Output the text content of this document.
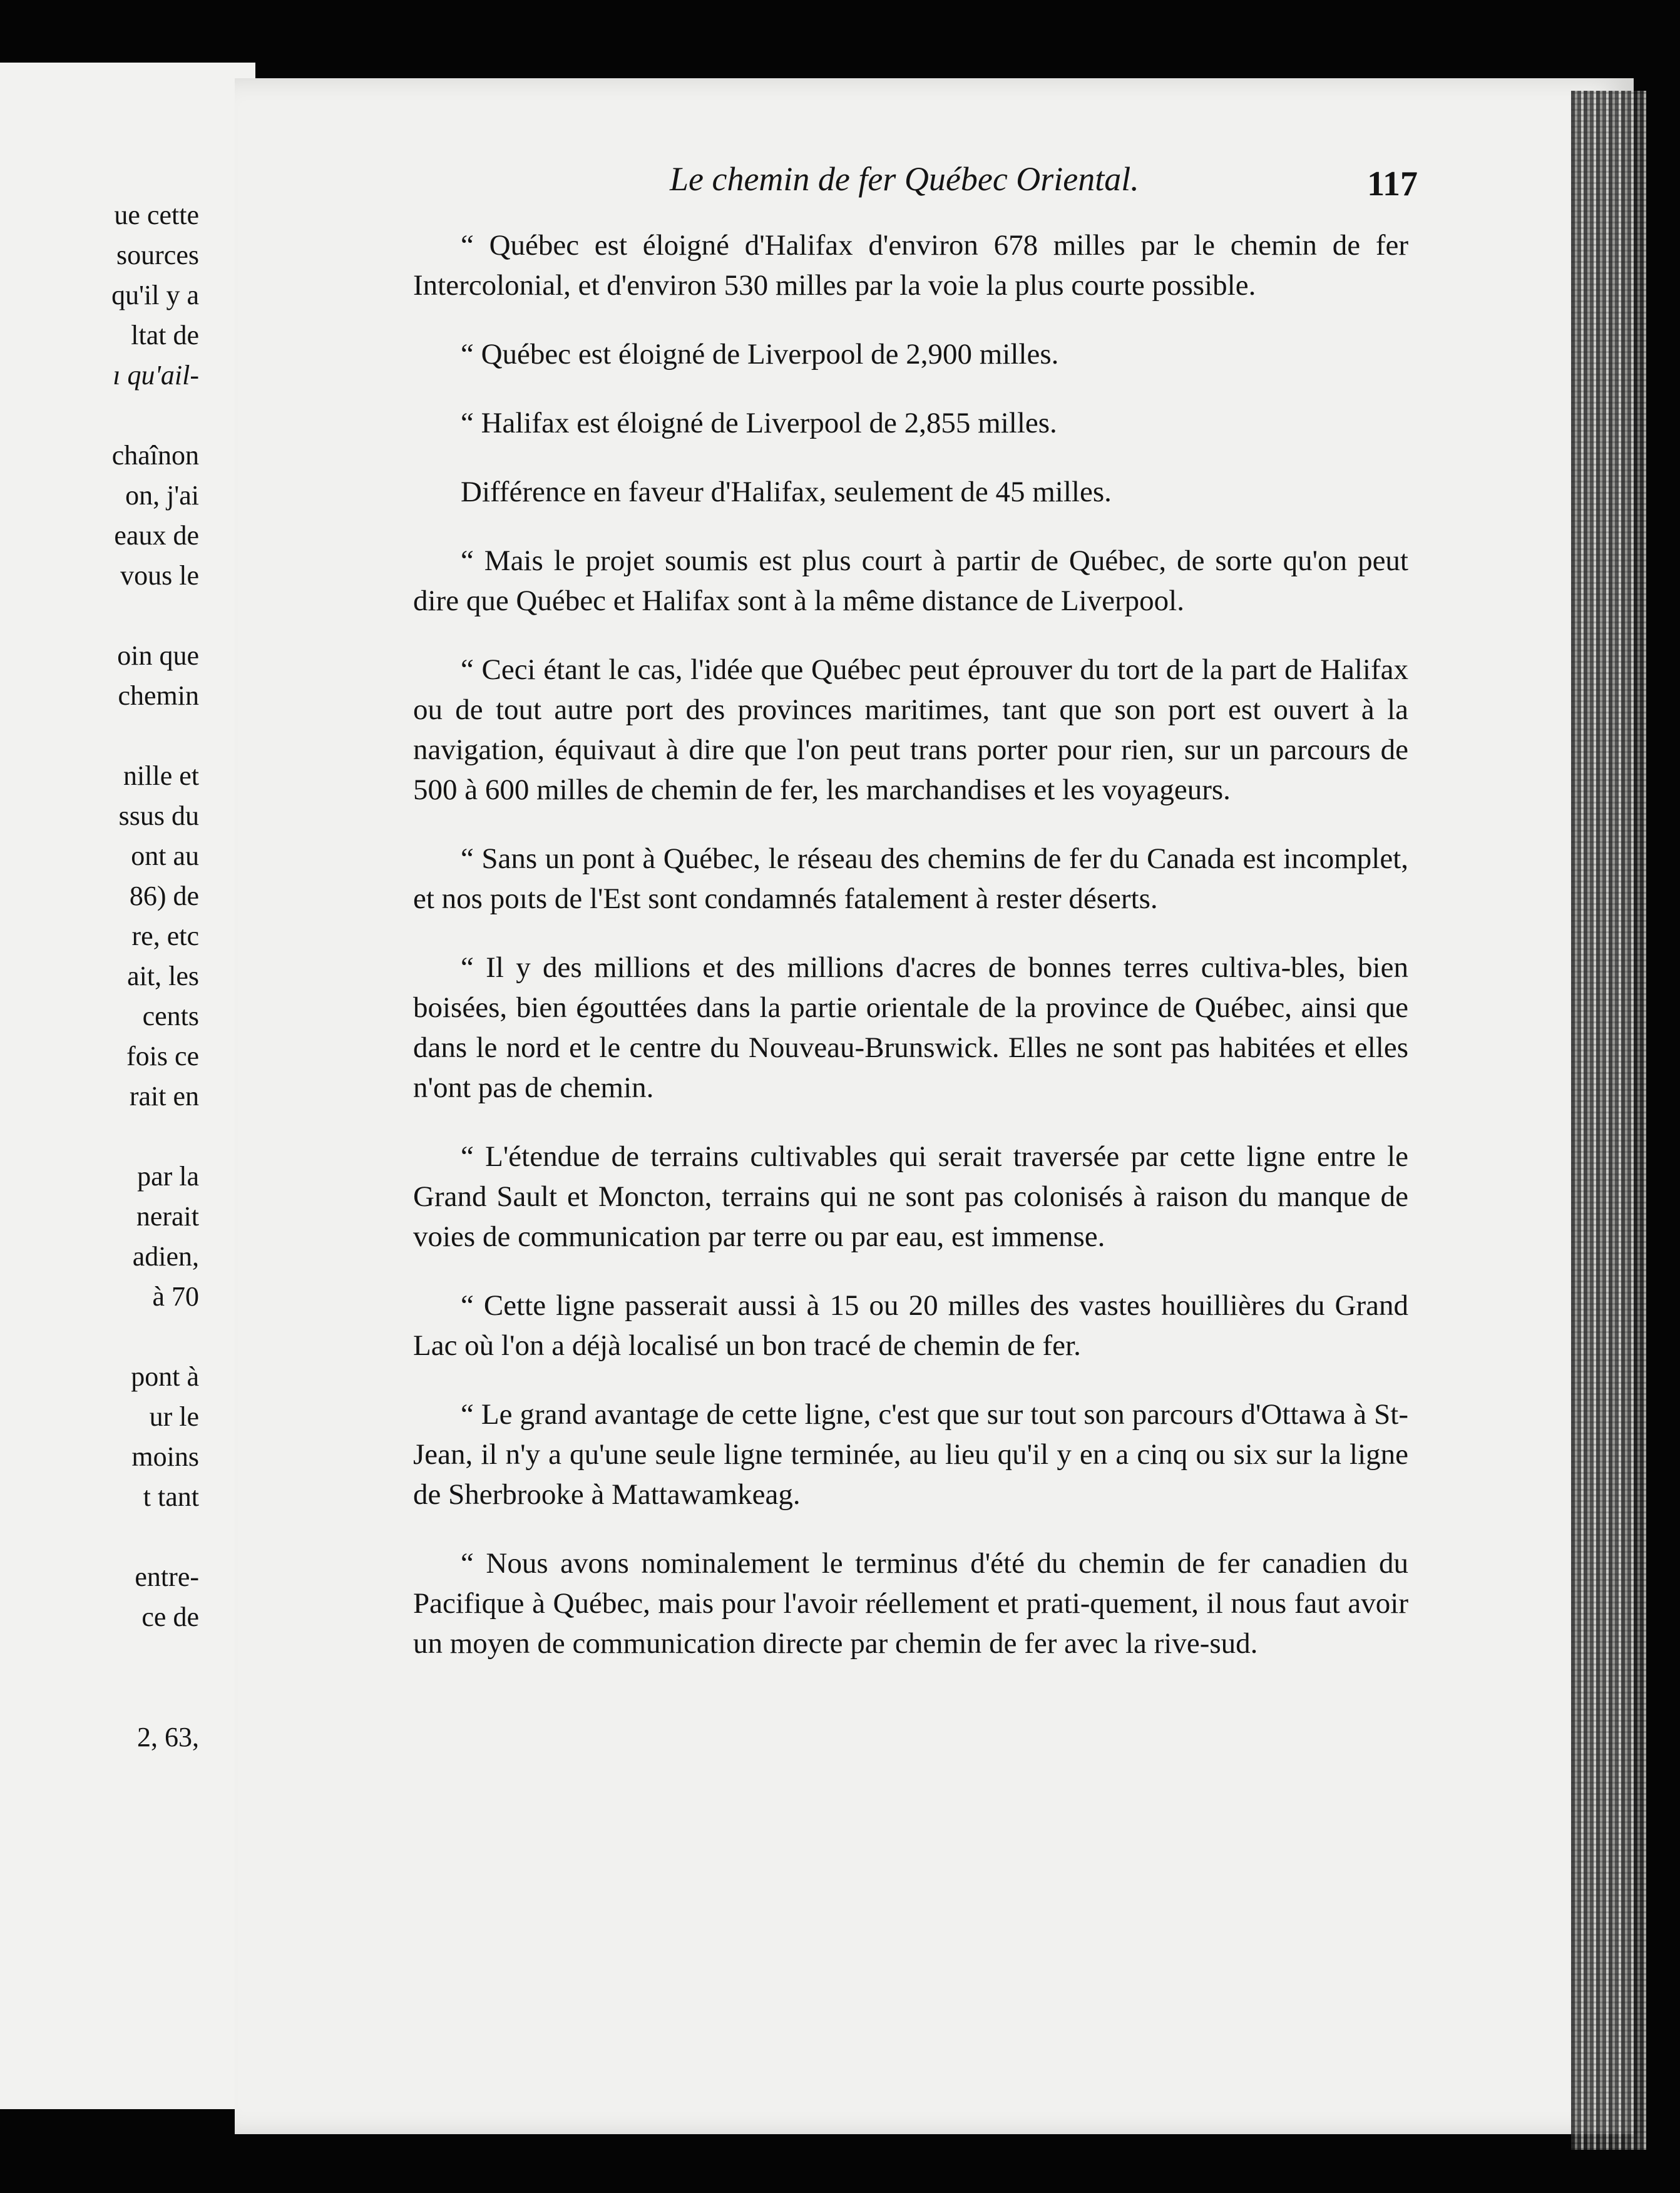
ue cette
sources
qu'il y a
ltat de
ı qu'ail-
chaînon
on, j'ai
eaux de
vous le
oin que
chemin
nille et
ssus du
ont au
86) de
re, etc
ait, les
cents
fois ce
rait en
par la
nerait
adien,
à 70
pont à
ur le
moins
t tant
entre-
ce de
2, 63,
Le chemin de fer Québec Oriental.	117

“ Québec est éloigné d'Halifax d'environ 678 milles par le chemin de fer Intercolonial, et d'environ 530 milles par la voie la plus courte possible.

“ Québec est éloigné de Liverpool de 2,900 milles.

“ Halifax est éloigné de Liverpool de 2,855 milles.

Différence en faveur d'Halifax, seulement de 45 milles.

“ Mais le projet soumis est plus court à partir de Québec, de sorte qu'on peut dire que Québec et Halifax sont à la même distance de Liverpool.

“ Ceci étant le cas, l'idée que Québec peut éprouver du tort de la part de Halifax ou de tout autre port des provinces maritimes, tant que son port est ouvert à la navigation, équivaut à dire que l'on peut trans porter pour rien, sur un parcours de 500 à 600 milles de chemin de fer, les marchandises et les voyageurs.

“ Sans un pont à Québec, le réseau des chemins de fer du Canada est incomplet, et nos poıts de l'Est sont condamnés fatalement à rester déserts.

“ Il y des millions et des millions d'acres de bonnes terres cultiva-bles, bien boisées, bien égouttées dans la partie orientale de la province de Québec, ainsi que dans le nord et le centre du Nouveau-Brunswick. Elles ne sont pas habitées et elles n'ont pas de chemin.

“ L'étendue de terrains cultivables qui serait traversée par cette ligne entre le Grand Sault et Moncton, terrains qui ne sont pas colonisés à raison du manque de voies de communication par terre ou par eau, est immense.

“ Cette ligne passerait aussi à 15 ou 20 milles des vastes houillières du Grand Lac où l'on a déjà localisé un bon tracé de chemin de fer.

“ Le grand avantage de cette ligne, c'est que sur tout son parcours d'Ottawa à St-Jean, il n'y a qu'une seule ligne terminée, au lieu qu'il y en a cinq ou six sur la ligne de Sherbrooke à Mattawamkeag.

“ Nous avons nominalement le terminus d'été du chemin de fer canadien du Pacifique à Québec, mais pour l'avoir réellement et prati-quement, il nous faut avoir un moyen de communication directe par chemin de fer avec la rive-sud.
